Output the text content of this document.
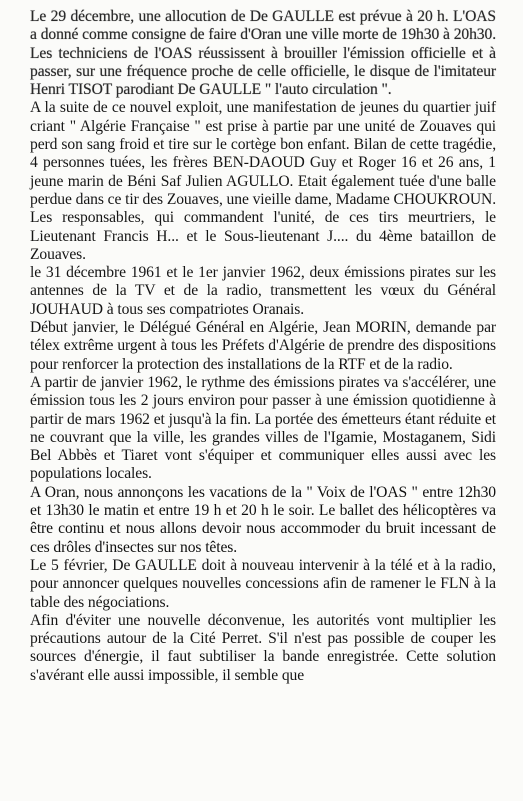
Le 29 décembre, une allocution de De GAULLE est prévue à 20 h. L'OAS a donné comme consigne de faire d'Oran une ville morte de 19h30 à 20h30. Les techniciens de l'OAS réussissent à brouiller l'émission officielle et à passer, sur une fréquence proche de celle officielle, le disque de l'imitateur Henri TISOT parodiant De GAULLE " l'auto circulation ".

A la suite de ce nouvel exploit, une manifestation de jeunes du quartier juif criant " Algérie Française " est prise à partie par une unité de Zouaves qui perd son sang froid et tire sur le cortège bon enfant. Bilan de cette tragédie, 4 personnes tuées, les frères BEN-DAOUD Guy et Roger 16 et 26 ans, 1 jeune marin de Béni Saf Julien AGULLO. Etait également tuée d'une balle perdue dans ce tir des Zouaves, une vieille dame, Madame CHOUKROUN. Les responsables, qui commandent l'unité, de ces tirs meurtriers, le Lieutenant Francis H... et le Sous-lieutenant J.... du 4ème bataillon de Zouaves.

le 31 décembre 1961 et le 1er janvier 1962, deux émissions pirates sur les antennes de la TV et de la radio, transmettent les vœux du Général JOUHAUD à tous ses compatriotes Oranais.

Début janvier, le Délégué Général en Algérie, Jean MORIN, demande par télex extrême urgent à tous les Préfets d'Algérie de prendre des dispositions pour renforcer la protection des installations de la RTF et de la radio.

A partir de janvier 1962, le rythme des émissions pirates va s'accélérer, une émission tous les 2 jours environ pour passer à une émission quotidienne à partir de mars 1962 et jusqu'à la fin. La portée des émetteurs étant réduite et ne couvrant que la ville, les grandes villes de l'Igamie, Mostaganem, Sidi Bel Abbès et Tiaret vont s'équiper et communiquer elles aussi avec les populations locales.

A Oran, nous annonçons les vacations de la " Voix de l'OAS " entre 12h30 et 13h30 le matin et entre 19 h et 20 h le soir. Le ballet des hélicoptères va être continu et nous allons devoir nous accommoder du bruit incessant de ces drôles d'insectes sur nos têtes.

Le 5 février, De GAULLE doit à nouveau intervenir à la télé et à la radio, pour annoncer quelques nouvelles concessions afin de ramener le FLN à la table des négociations.

Afin d'éviter une nouvelle déconvenue, les autorités vont multiplier les précautions autour de la Cité Perret. S'il n'est pas possible de couper les sources d'énergie, il faut subtiliser la bande enregistrée. Cette solution s'avérant elle aussi impossible, il semble que
